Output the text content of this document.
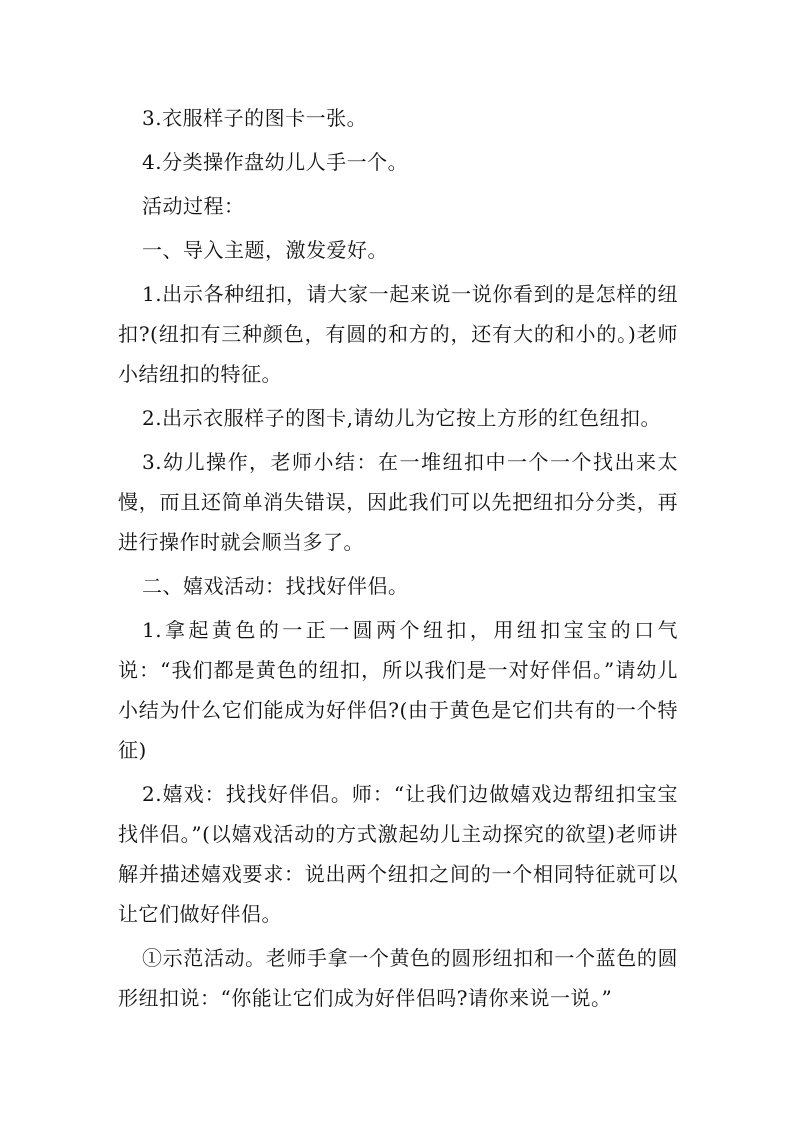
3.衣服样子的图卡一张。

4.分类操作盘幼儿人手一个。

活动过程：

一、导入主题，激发爱好。

1.出示各种纽扣，请大家一起来说一说你看到的是怎样的纽扣?(纽扣有三种颜色，有圆的和方的，还有大的和小的。)老师小结纽扣的特征。

2.出示衣服样子的图卡,请幼儿为它按上方形的红色纽扣。

3.幼儿操作，老师小结：在一堆纽扣中一个一个找出来太慢，而且还简单消失错误，因此我们可以先把纽扣分分类，再进行操作时就会顺当多了。

二、嬉戏活动：找找好伴侣。

1.拿起黄色的一正一圆两个纽扣，用纽扣宝宝的口气说：“我们都是黄色的纽扣，所以我们是一对好伴侣。”请幼儿小结为什么它们能成为好伴侣?(由于黄色是它们共有的一个特征)

2.嬉戏：找找好伴侣。师：“让我们边做嬉戏边帮纽扣宝宝找伴侣。”(以嬉戏活动的方式激起幼儿主动探究的欲望)老师讲解并描述嬉戏要求：说出两个纽扣之间的一个相同特征就可以让它们做好伴侣。

①示范活动。老师手拿一个黄色的圆形纽扣和一个蓝色的圆形纽扣说：“你能让它们成为好伴侣吗?请你来说一说。”
